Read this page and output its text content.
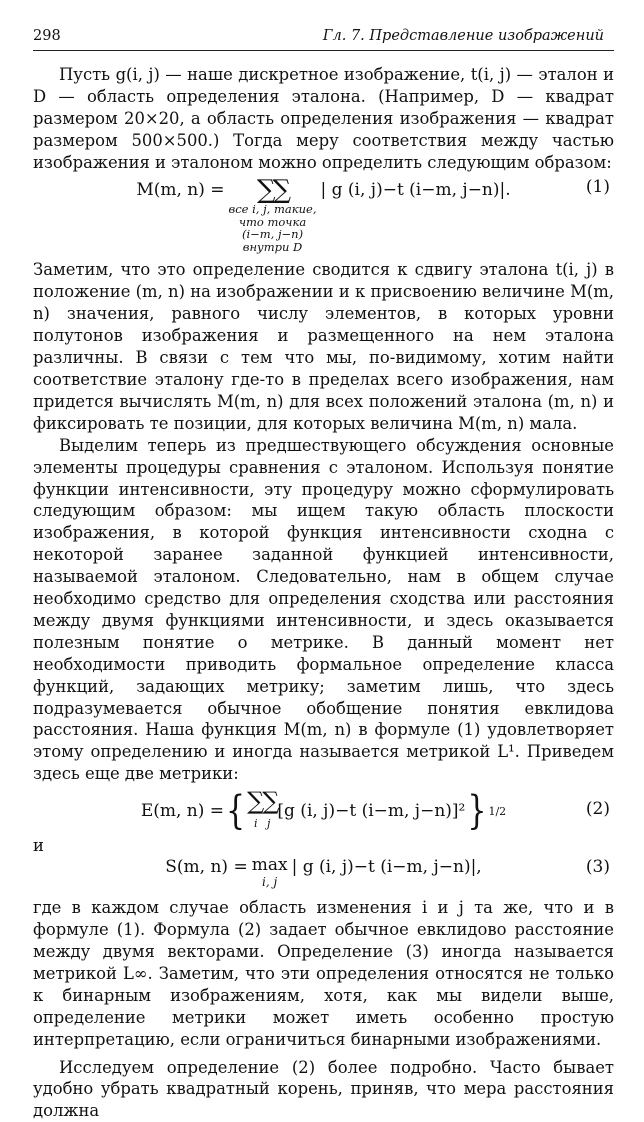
298	Гл. 7. Представление изображений

Пусть g(i, j) — наше дискретное изображение, t(i, j) — эталон и D — область определения эталона. (Например, D — квадрат размером 20×20, а область определения изображения — квадрат размером 500×500.) Тогда меру соответствия между частью изображения и эталоном можно определить следующим образом:

M(m, n) = ∑∑
все i, j, такие,
что точка
(i−m, j−n)
внутри D
| g (i, j)−t (i−m, j−n)|.	(1)

Заметим, что это определение сводится к сдвигу эталона t(i, j) в положение (m, n) на изображении и к присвоению величине M(m, n) значения, равного числу элементов, в которых уровни полутонов изображения и размещенного на нем эталона различны. В связи с тем что мы, по-видимому, хотим найти соответствие эталону где-то в пределах всего изображения, нам придется вычислять M(m, n) для всех положений эталона (m, n) и фиксировать те позиции, для которых величина M(m, n) мала.

Выделим теперь из предшествующего обсуждения основные элементы процедуры сравнения с эталоном. Используя понятие функции интенсивности, эту процедуру можно сформулировать следующим образом: мы ищем такую область плоскости изображения, в которой функция интенсивности сходна с некоторой заранее заданной функцией интенсивности, называемой эталоном. Следовательно, нам в общем случае необходимо средство для определения сходства или расстояния между двумя функциями интенсивности, и здесь оказывается полезным понятие о метрике. В данный момент нет необходимости приводить формальное определение класса функций, задающих метрику; заметим лишь, что здесь подразумевается обычное обобщение понятия евклидова расстояния. Наша функция M(m, n) в формуле (1) удовлетворяет этому определению и иногда называется метрикой L¹. Приведем здесь еще две метрики:

E(m, n) = { ∑∑
i j
[g (i, j)−t (i−m, j−n)]² } 1/2	(2)
и
S(m, n) = max
i, j
| g (i, j)−t (i−m, j−n)|,	(3)

где в каждом случае область изменения i и j та же, что и в формуле (1). Формула (2) задает обычное евклидово расстояние между двумя векторами. Определение (3) иногда называется метрикой L∞. Заметим, что эти определения относятся не только к бинарным изображениям, хотя, как мы видели выше, определение метрики может иметь особенно простую интерпретацию, если ограничиться бинарными изображениями.

Исследуем определение (2) более подробно. Часто бывает удобно убрать квадратный корень, приняв, что мера расстояния должна
